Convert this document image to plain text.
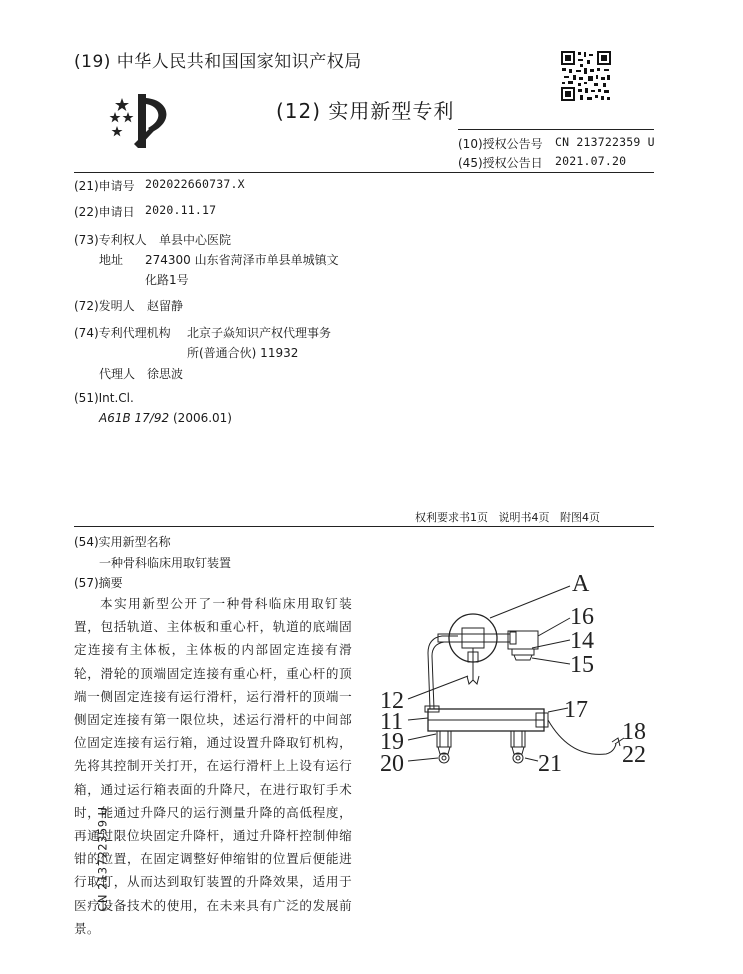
(19) 中华人民共和国国家知识产权局
(12) 实用新型专利
(10)授权公告号 CN 213722359 U
(45)授权公告日 2021.07.20
(21)申请号 202022660737.X
(22)申请日 2020.11.17
(73)专利权人 单县中心医院
地址 274300 山东省菏泽市单县单城镇文
化路1号
(72)发明人 赵留静
(74)专利代理机构 北京子焱知识产权代理事务
所(普通合伙) 11932
代理人 徐思波
(51)Int.Cl.
A61B 17/92 (2006.01)
权利要求书1页   说明书4页   附图4页
(54)实用新型名称
一种骨科临床用取钉装置
(57)摘要

本实用新型公开了一种骨科临床用取钉装置，包括轨道、主体板和重心杆，轨道的底端固定连接有主体板，主体板的内部固定连接有滑轮，滑轮的顶端固定连接有重心杆，重心杆的顶端一侧固定连接有运行滑杆，运行滑杆的顶端一侧固定连接有第一限位块，述运行滑杆的中间部位固定连接有运行箱，通过设置升降取钉机构，先将其控制开关打开，在运行滑杆上上设有运行箱，通过运行箱表面的升降尺，在进行取钉手术时，能通过升降尺的运行测量升降的高低程度，再通过限位块固定升降杆，通过升降杆控制伸缩钳的位置，在固定调整好伸缩钳的位置后便能进行取钉，从而达到取钉装置的升降效果，适用于医疗设备技术的使用，在未来具有广泛的发展前景。

A
16
14
15
17
12
11
19	18
22
20	21
CN 213722359 U
